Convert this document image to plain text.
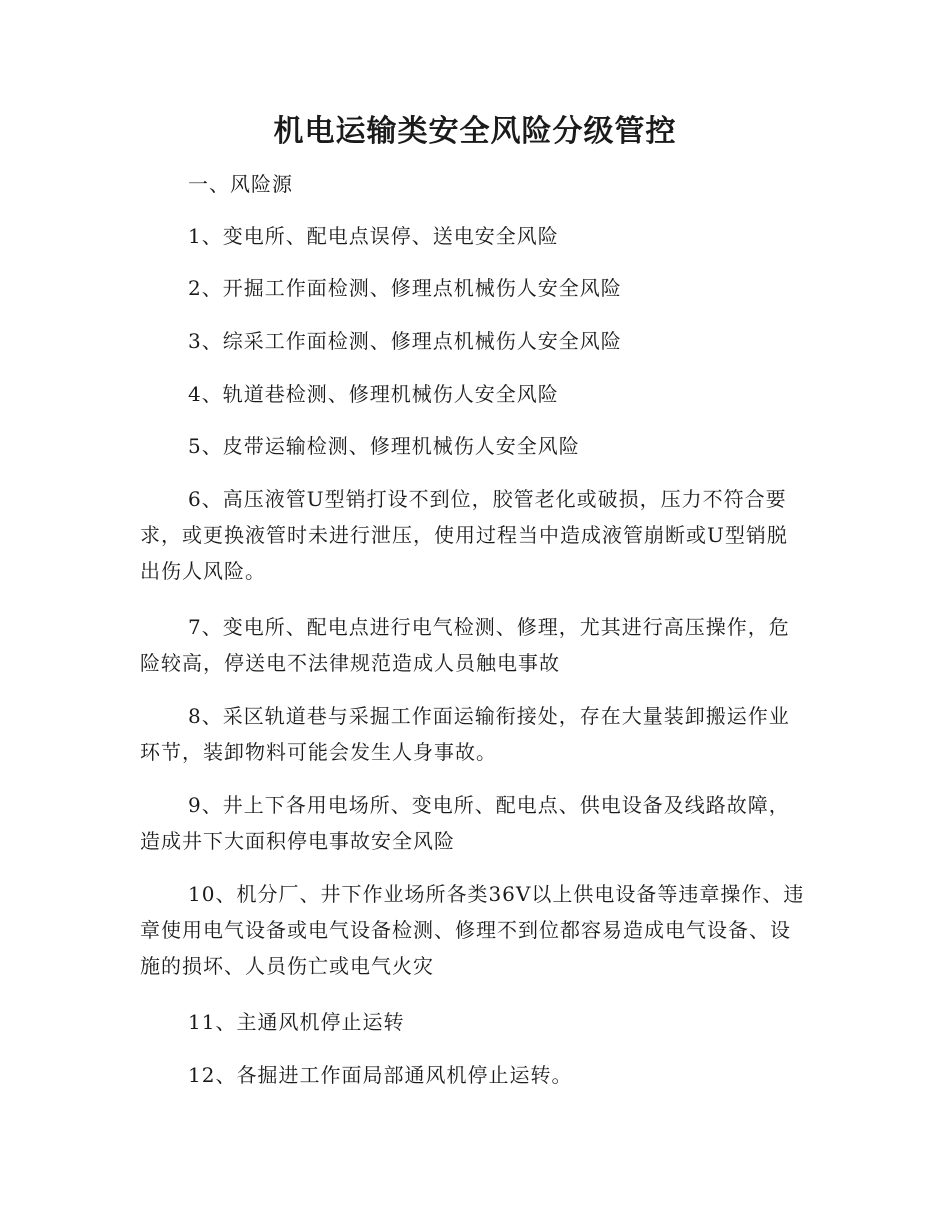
机电运输类安全风险分级管控

一、风险源

1、变电所、配电点误停、送电安全风险

2、开掘工作面检测、修理点机械伤人安全风险

3、综采工作面检测、修理点机械伤人安全风险

4、轨道巷检测、修理机械伤人安全风险

5、皮带运输检测、修理机械伤人安全风险

6、高压液管U型销打设不到位，胶管老化或破损，压力不符合要求，或更换液管时未进行泄压，使用过程当中造成液管崩断或U型销脱出伤人风险。

7、变电所、配电点进行电气检测、修理，尤其进行高压操作，危险较高，停送电不法律规范造成人员触电事故

8、采区轨道巷与采掘工作面运输衔接处，存在大量装卸搬运作业环节，装卸物料可能会发生人身事故。

9、井上下各用电场所、变电所、配电点、供电设备及线路故障，造成井下大面积停电事故安全风险

10、机分厂、井下作业场所各类36V以上供电设备等违章操作、违章使用电气设备或电气设备检测、修理不到位都容易造成电气设备、设施的损坏、人员伤亡或电气火灾

11、主通风机停止运转

12、各掘进工作面局部通风机停止运转。
